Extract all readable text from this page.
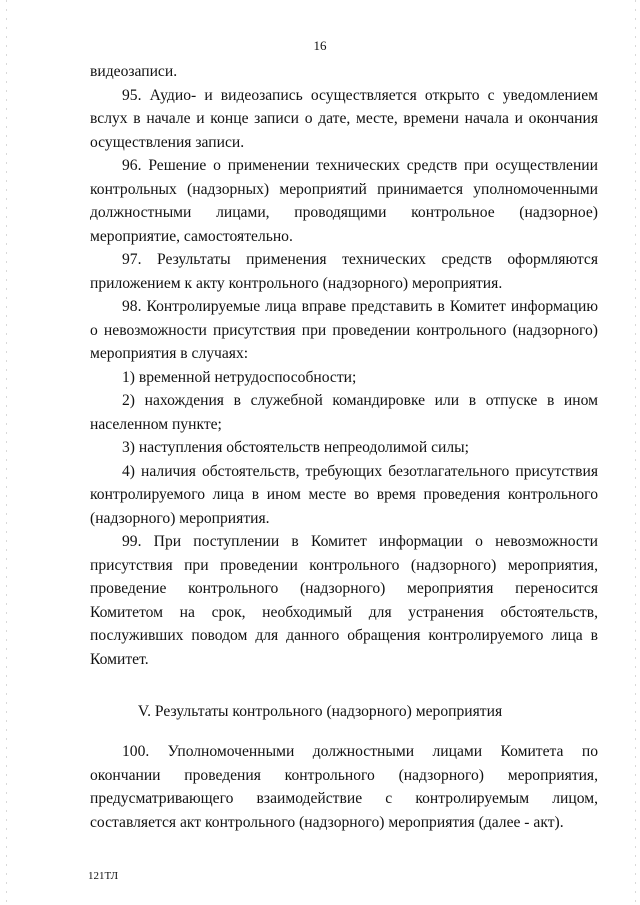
16

видеозаписи.

95. Аудио- и видеозапись осуществляется открыто с уведомлением вслух в начале и конце записи о дате, месте, времени начала и окончания осуществления записи.

96. Решение о применении технических средств при осуществлении контрольных (надзорных) мероприятий принимается уполномоченными должностными лицами, проводящими контрольное (надзорное) мероприятие, самостоятельно.

97. Результаты применения технических средств оформляются приложением к акту контрольного (надзорного) мероприятия.

98. Контролируемые лица вправе представить в Комитет информацию о невозможности присутствия при проведении контрольного (надзорного) мероприятия в случаях:

1) временной нетрудоспособности;

2) нахождения в служебной командировке или в отпуске в ином населенном пункте;

3) наступления обстоятельств непреодолимой силы;

4) наличия обстоятельств, требующих безотлагательного присутствия контролируемого лица в ином месте во время проведения контрольного (надзорного) мероприятия.

99. При поступлении в Комитет информации о невозможности присутствия при проведении контрольного (надзорного) мероприятия, проведение контрольного (надзорного) мероприятия переносится Комитетом на срок, необходимый для устранения обстоятельств, послуживших поводом для данного обращения контролируемого лица в Комитет.

V. Результаты контрольного (надзорного) мероприятия

100. Уполномоченными должностными лицами Комитета по окончании проведения контрольного (надзорного) мероприятия, предусматривающего взаимодействие с контролируемым лицом, составляется акт контрольного (надзорного) мероприятия (далее - акт).

121ТЛ
